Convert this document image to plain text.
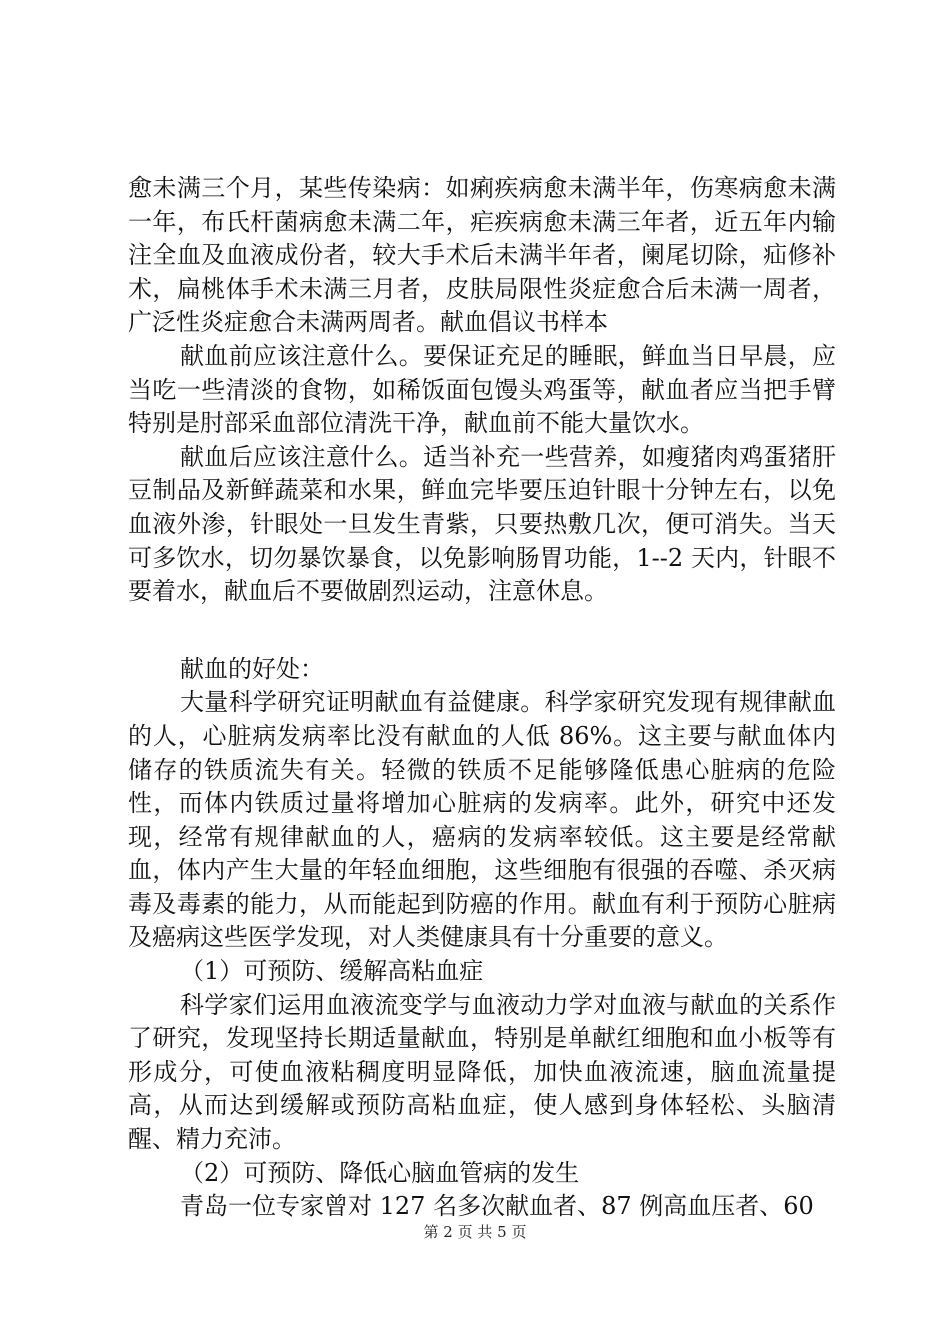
愈未满三个月，某些传染病：如痢疾病愈未满半年，伤寒病愈未满一年，布氏杆菌病愈未满二年，疟疾病愈未满三年者，近五年内输注全血及血液成份者，较大手术后未满半年者，阑尾切除，疝修补术，扁桃体手术未满三月者，皮肤局限性炎症愈合后未满一周者，广泛性炎症愈合未满两周者。献血倡议书样本

献血前应该注意什么。要保证充足的睡眠，鲜血当日早晨，应当吃一些清淡的食物，如稀饭面包馒头鸡蛋等，献血者应当把手臂特别是肘部采血部位清洗干净，献血前不能大量饮水。

献血后应该注意什么。适当补充一些营养，如瘦猪肉鸡蛋猪肝豆制品及新鲜蔬菜和水果，鲜血完毕要压迫针眼十分钟左右，以免血液外渗，针眼处一旦发生青紫，只要热敷几次，便可消失。当天可多饮水，切勿暴饮暴食，以免影响肠胃功能，1--2 天内，针眼不要着水，献血后不要做剧烈运动，注意休息。

献血的好处：

大量科学研究证明献血有益健康。科学家研究发现有规律献血的人，心脏病发病率比没有献血的人低 86%。这主要与献血体内储存的铁质流失有关。轻微的铁质不足能够隆低患心脏病的危险性，而体内铁质过量将增加心脏病的发病率。此外，研究中还发现，经常有规律献血的人，癌病的发病率较低。这主要是经常献血，体内产生大量的年轻血细胞，这些细胞有很强的吞噬、杀灭病毒及毒素的能力，从而能起到防癌的作用。献血有利于预防心脏病及癌病这些医学发现，对人类健康具有十分重要的意义。

（1）可预防、缓解高粘血症

科学家们运用血液流变学与血液动力学对血液与献血的关系作了研究，发现坚持长期适量献血，特别是单献红细胞和血小板等有形成分，可使血液粘稠度明显降低，加快血液流速，脑血流量提高，从而达到缓解或预防高粘血症，使人感到身体轻松、头脑清醒、精力充沛。

（2）可预防、降低心脑血管病的发生

青岛一位专家曾对 127 名多次献血者、87 例高血压者、60

第 2 页 共 5 页
